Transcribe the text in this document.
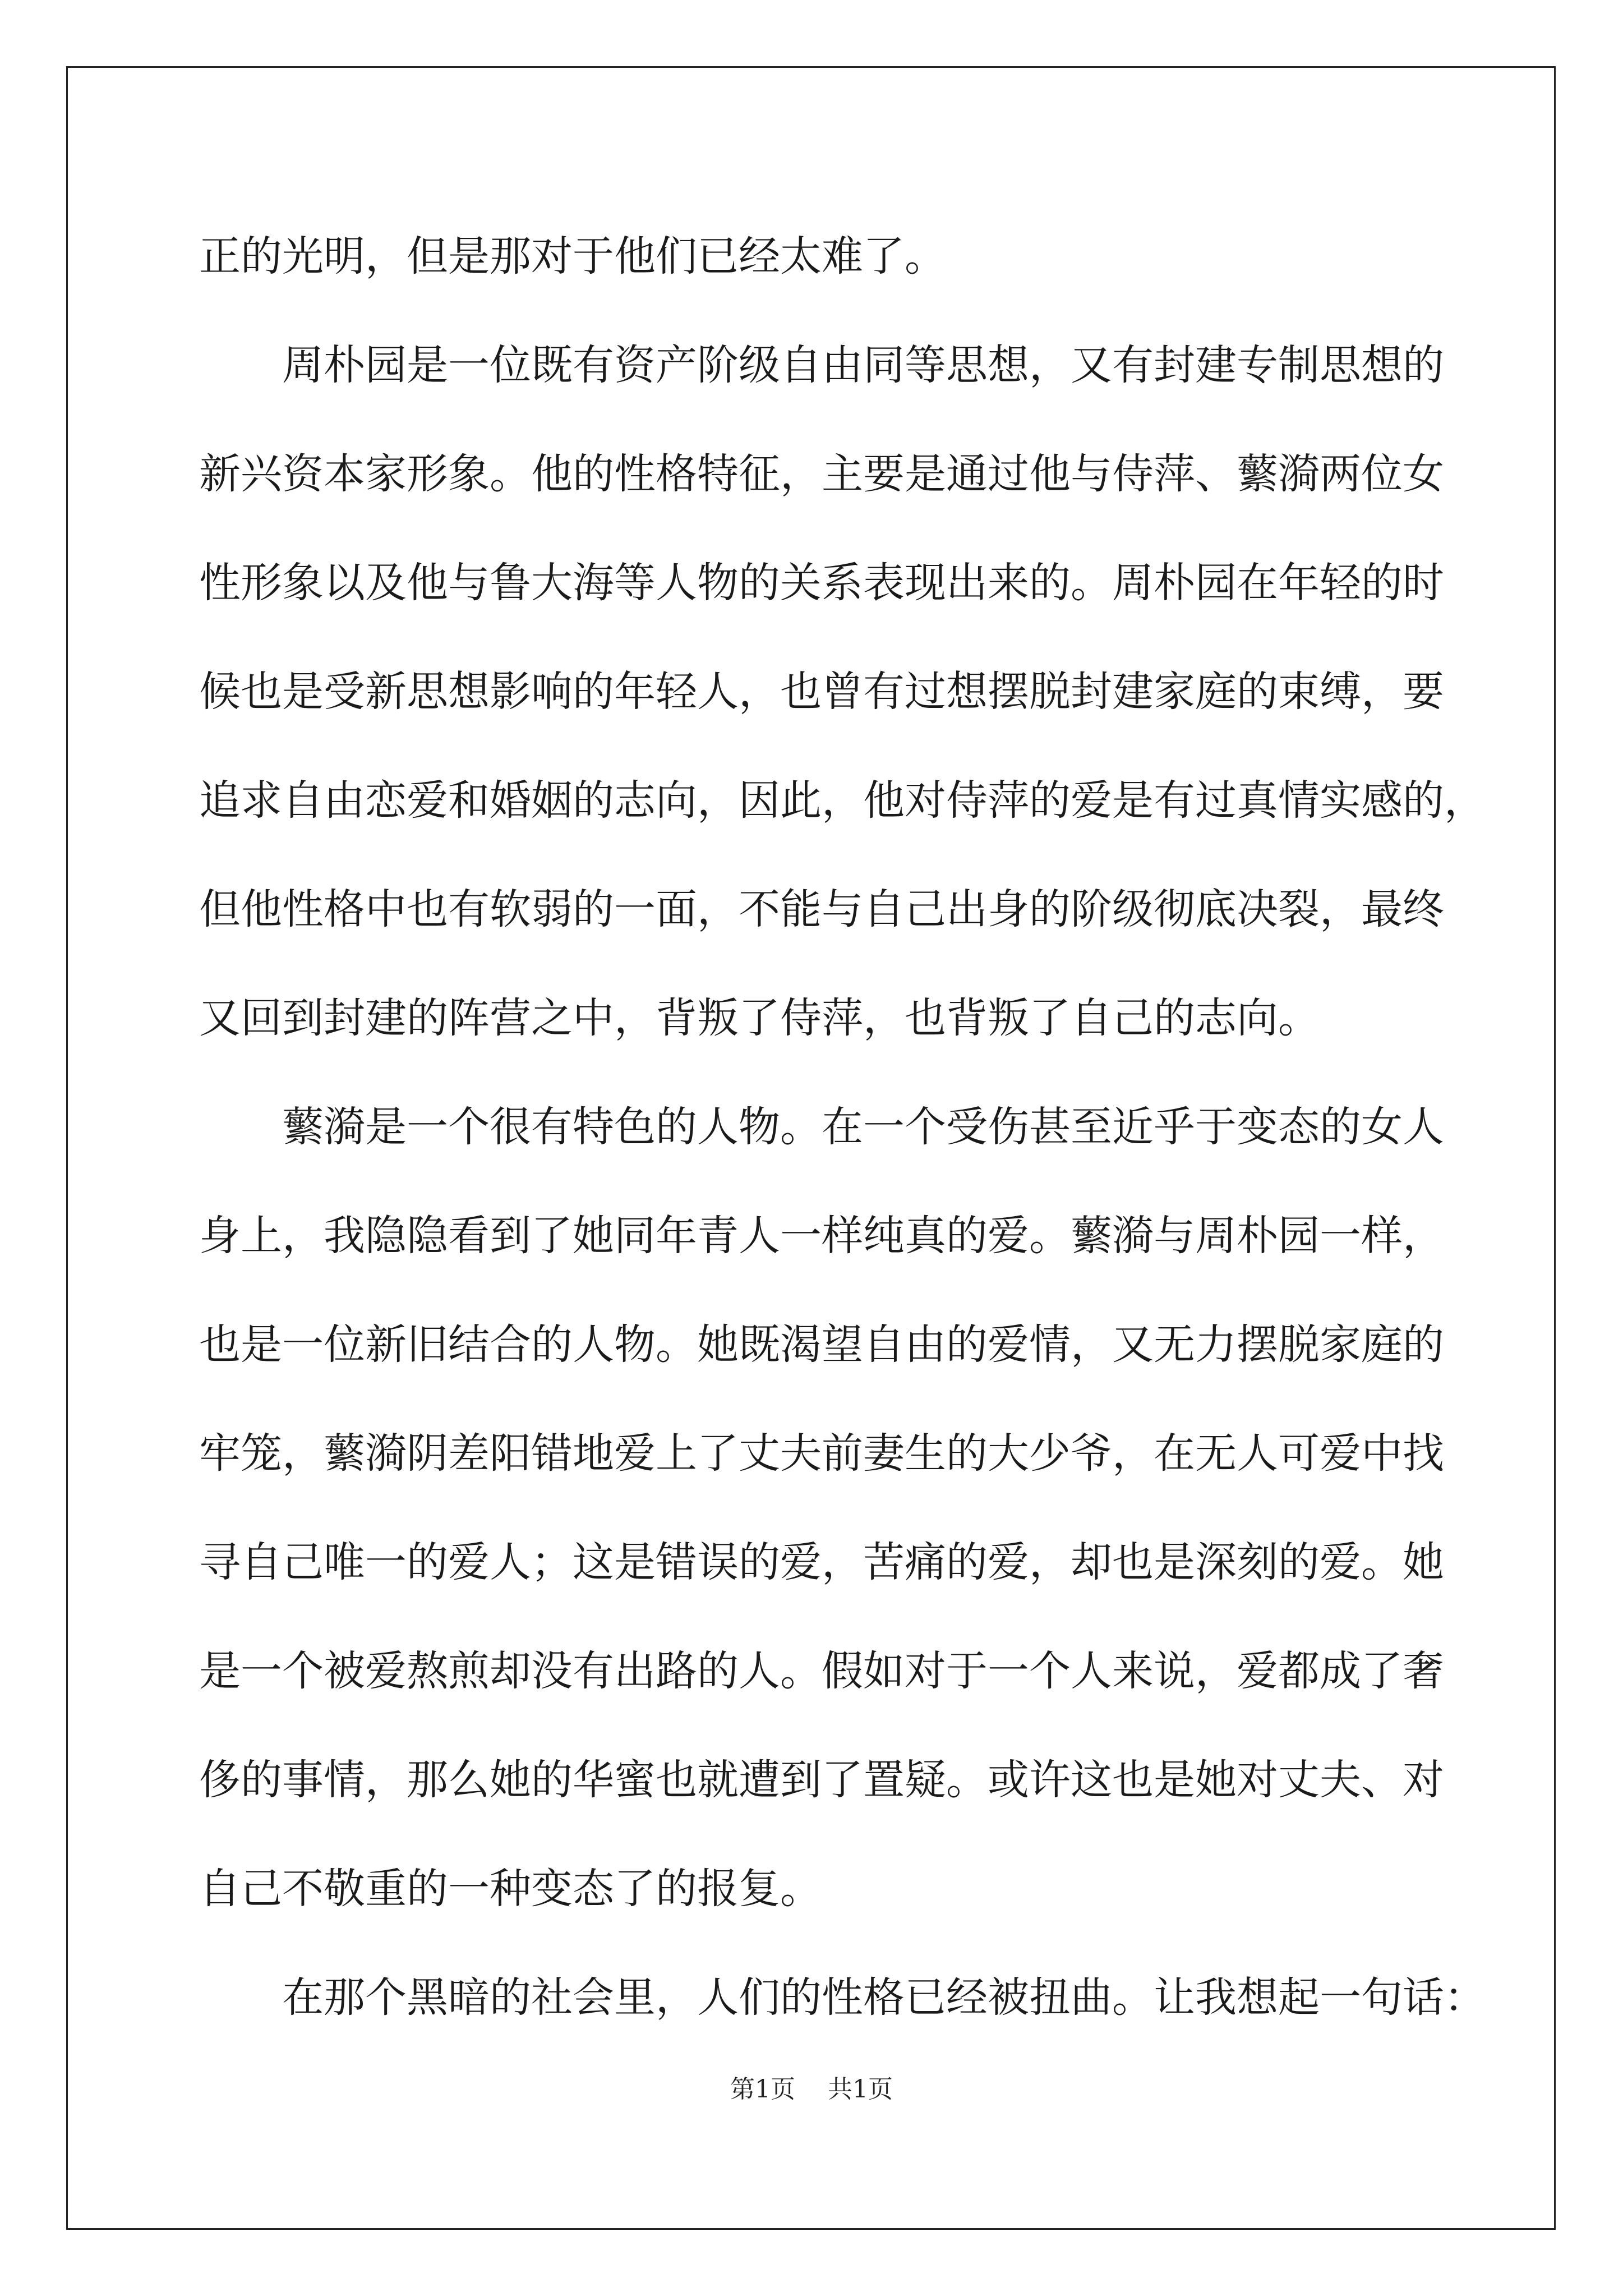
正的光明，但是那对于他们已经太难了。
周朴园是一位既有资产阶级自由同等思想，又有封建专制思想的
新兴资本家形象。他的性格特征，主要是通过他与侍萍、蘩漪两位女
性形象以及他与鲁大海等人物的关系表现出来的。周朴园在年轻的时
候也是受新思想影响的年轻人，也曾有过想摆脱封建家庭的束缚，要
追求自由恋爱和婚姻的志向，因此，他对侍萍的爱是有过真情实感的，
但他性格中也有软弱的一面，不能与自己出身的阶级彻底决裂，最终
又回到封建的阵营之中，背叛了侍萍，也背叛了自己的志向。
蘩漪是一个很有特色的人物。在一个受伤甚至近乎于变态的女人
身上，我隐隐看到了她同年青人一样纯真的爱。蘩漪与周朴园一样，
也是一位新旧结合的人物。她既渴望自由的爱情，又无力摆脱家庭的
牢笼，蘩漪阴差阳错地爱上了丈夫前妻生的大少爷，在无人可爱中找
寻自己唯一的爱人；这是错误的爱，苦痛的爱，却也是深刻的爱。她
是一个被爱熬煎却没有出路的人。假如对于一个人来说，爱都成了奢
侈的事情，那么她的华蜜也就遭到了置疑。或许这也是她对丈夫、对
自己不敬重的一种变态了的报复。
在那个黑暗的社会里，人们的性格已经被扭曲。让我想起一句话：
第1页 共1页
